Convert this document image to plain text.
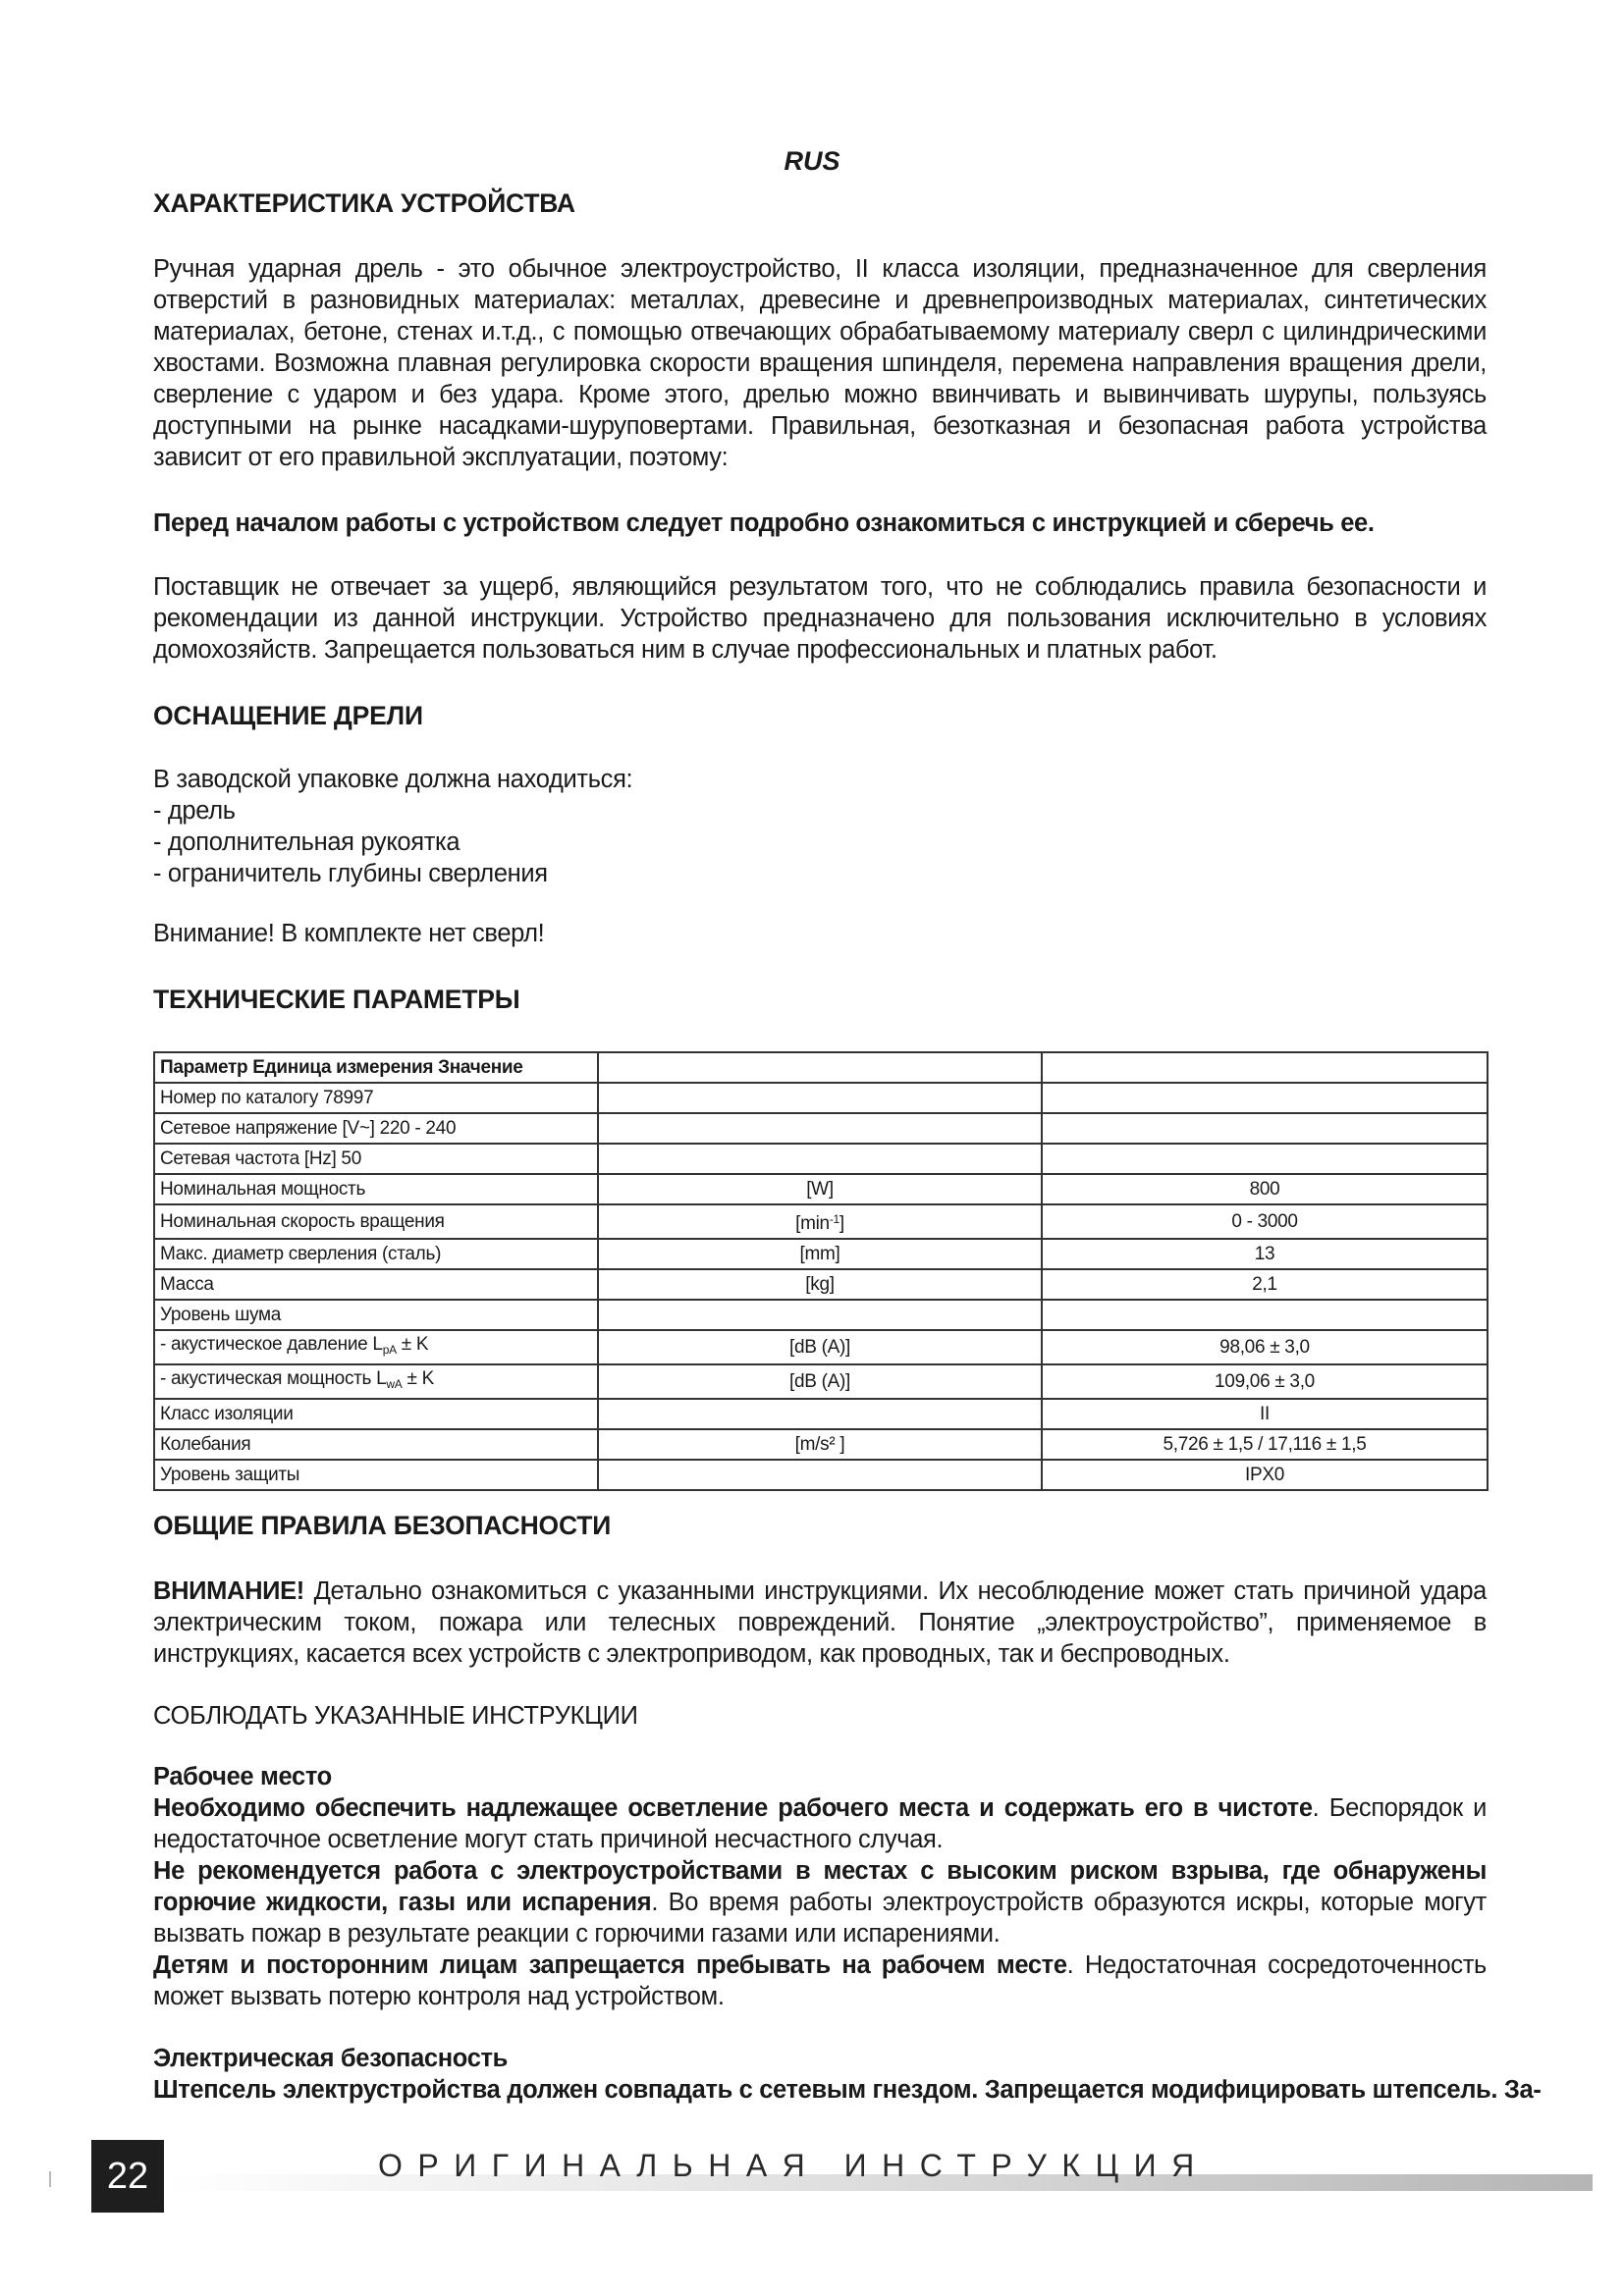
RUS
ХАРАКТЕРИСТИКА УСТРОЙСТВА

Ручная ударная дрель - это обычное электроустройство, II класса изоляции, предназначенное для сверления отверстий в разновидных материалах: металлах, древесине и древнепроизводных материалах, синтетических материалах, бетоне, стенах и.т.д., с помощью отвечающих обрабатываемому материалу сверл с цилиндрическими хвостами. Возможна плавная регулировка скорости вращения шпинделя, перемена направления вращения дрели, сверление с ударом и без удара. Кроме этого, дрелью можно ввинчивать и вывинчивать шурупы, пользуясь доступными на рынке насадками-шуруповертами. Правильная, безотказная и безопасная работа устройства зависит от его правильной эксплуатации, поэтому:

Перед началом работы с устройством следует подробно ознакомиться с инструкцией и сберечь ее.

Поставщик не отвечает за ущерб, являющийся результатом того, что не соблюдались правила безопасности и рекомендации из данной инструкции. Устройство предназначено для пользования исключительно в условиях домохозяйств. Запрещается пользоваться ним в случае профессиональных и платных работ.

ОСНАЩЕНИЕ ДРЕЛИ
В заводской упаковке должна находиться:
- дрель
- дополнительная рукоятка
- ограничитель глубины сверления

Внимание! В комплекте нет сверл!

ТЕХНИЧЕСКИЕ ПАРАМЕТРЫ
Параметр Единица измерения Значение		
Номер по каталогу 78997		
Сетевое напряжение [V~] 220 - 240		
Сетевая частота [Hz] 50		
Номинальная мощность	[W]	800
Номинальная скорость вращения	$[\min^{-1}]$	0 - 3000
Макс. диаметр сверления (сталь)	[mm]	13
Масса	[kg]	2,1
Уровень шума		
- акустическое давление $L_{pA} \pm K$	[dB (A)]	98,06 ± 3,0
- акустическая мощность $L_{wA} \pm K$	[dB (A)]	109,06 ± 3,0
Класс изоляции		II
Колебания	[m/s² ]	5,726 ± 1,5 / 17,116 ± 1,5
Уровень защиты		IPX0
ОБЩИЕ ПРАВИЛА БЕЗОПАСНОСТИ

ВНИМАНИЕ! Детально ознакомиться с указанными инструкциями. Их несоблюдение может стать причиной удара электрическим током, пожара или телесных повреждений. Понятие „электроустройство”, применяемое в инструкциях, касается всех устройств с электроприводом, как проводных, так и беспроводных.

СОБЛЮДАТЬ УКАЗАННЫЕ ИНСТРУКЦИИ

Рабочее место

Необходимо обеспечить надлежащее осветление рабочего места и содержать его в чистоте. Беспорядок и недостаточное осветление могут стать причиной несчастного случая.

Не рекомендуется работа с электроустройствами в местах с высоким риском взрыва, где обнаружены горючие жидкости, газы или испарения. Во время работы электроустройств образуются искры, которые могут вызвать пожар в результате реакции с горючими газами или испарениями.

Детям и посторонним лицам запрещается пребывать на рабочем месте. Недостаточная сосредоточенность может вызвать потерю контроля над устройством.

Электрическая безопасность

Штепсель электрустройства должен совпадать с сетевым гнездом. Запрещается модифицировать штепсель. За-

22	ОРИГИНАЛЬНАЯ ИНСТРУКЦИЯ
